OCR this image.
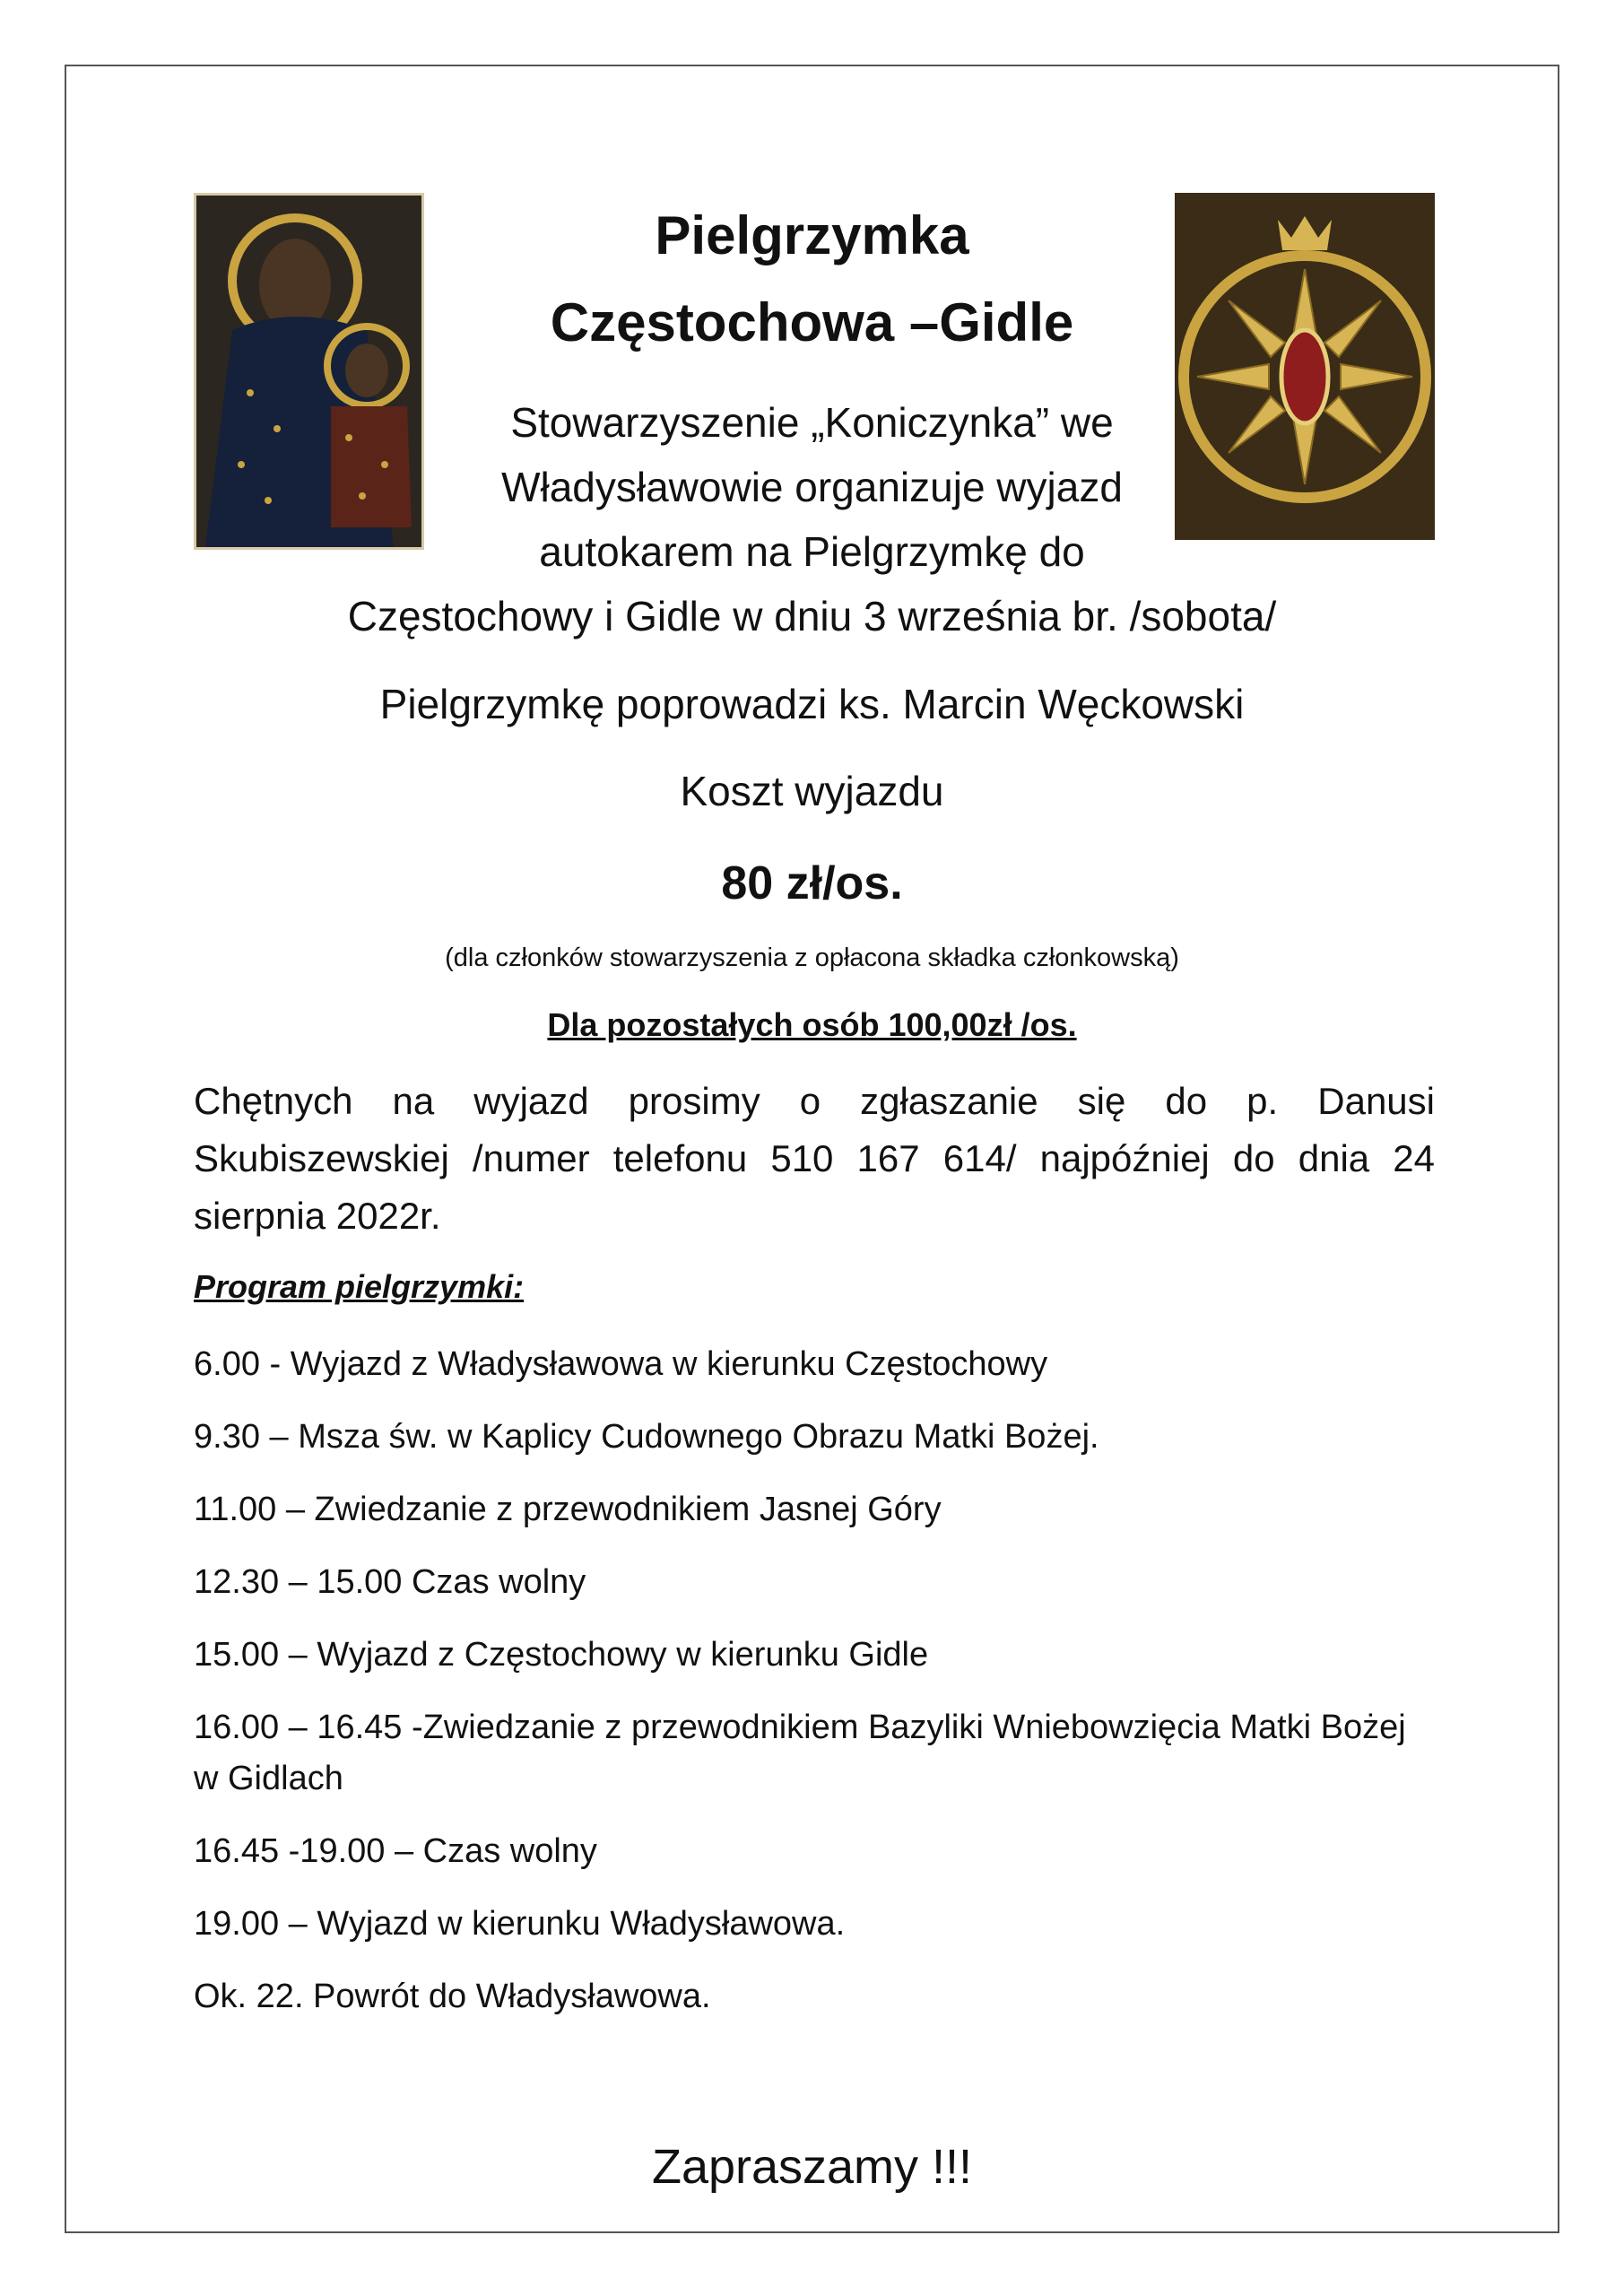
Pielgrzymka
Częstochowa –Gidle
Stowarzyszenie „Koniczynka” we
Władysławowie organizuje wyjazd
autokarem na Pielgrzymkę do
Częstochowy i Gidle w dniu 3 września br. /sobota/
Pielgrzymkę poprowadzi ks. Marcin Węckowski
Koszt wyjazdu
80 zł/os.
(dla członków stowarzyszenia z opłacona składka członkowską)
Dla pozostałych osób 100,00zł /os.
Chętnych na wyjazd prosimy o zgłaszanie się do p. Danusi Skubiszewskiej /numer telefonu 510 167 614/ najpóźniej do dnia 24 sierpnia 2022r.
Program pielgrzymki:
6.00 - Wyjazd z Władysławowa w kierunku Częstochowy
9.30 – Msza św. w Kaplicy Cudownego Obrazu Matki Bożej.
11.00 – Zwiedzanie z przewodnikiem Jasnej Góry
12.30 – 15.00 Czas wolny
15.00 – Wyjazd z Częstochowy w kierunku Gidle
16.00 – 16.45 -Zwiedzanie z przewodnikiem Bazyliki Wniebowzięcia Matki Bożej w Gidlach
16.45 -19.00 – Czas wolny
19.00 – Wyjazd w kierunku Władysławowa.
Ok. 22. Powrót do Władysławowa.
Zapraszamy !!!
